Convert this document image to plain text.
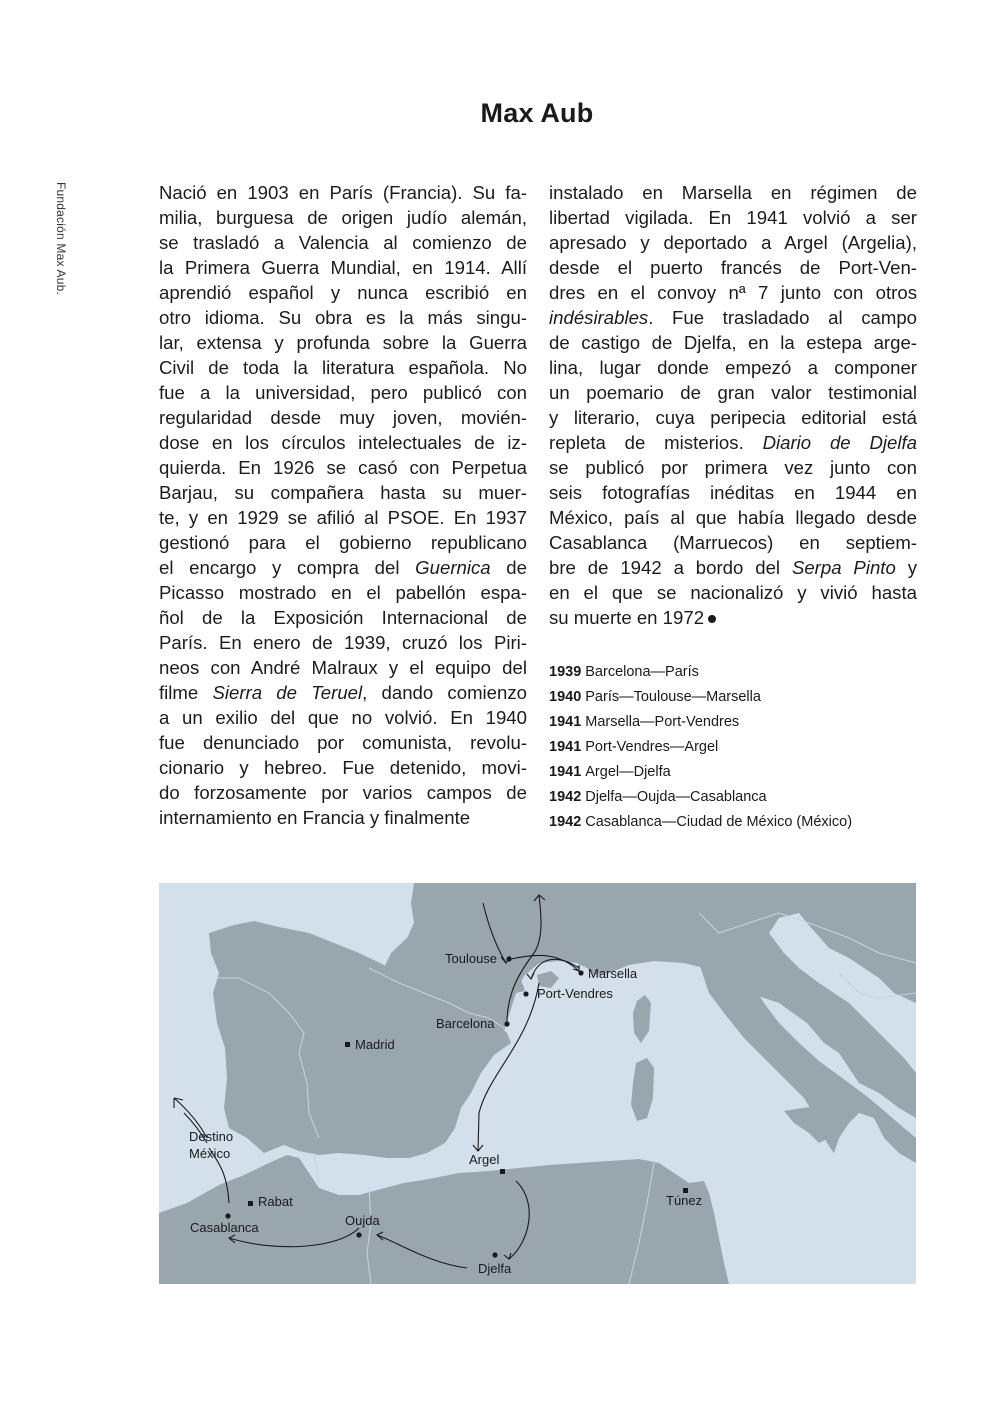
Max Aub
Fundación Max Aub.	Nació en 1903 en París (Francia). Su fa-
milia, burguesa de origen judío alemán,
se trasladó a Valencia al comienzo de
la Primera Guerra Mundial, en 1914. Allí
aprendió español y nunca escribió en
otro idioma. Su obra es la más singu-
lar, extensa y profunda sobre la Guerra
Civil de toda la literatura española. No
fue a la universidad, pero publicó con
regularidad desde muy joven, movién-
dose en los círculos intelectuales de iz-
quierda. En 1926 se casó con Perpetua
Barjau, su compañera hasta su muer-
te, y en 1929 se afilió al PSOE. En 1937
gestionó para el gobierno republicano
el encargo y compra del Guernica de
Picasso mostrado en el pabellón espa-
ñol de la Exposición Internacional de
París. En enero de 1939, cruzó los Piri-
neos con André Malraux y el equipo del
filme Sierra de Teruel, dando comienzo
a un exilio del que no volvió. En 1940
fue denunciado por comunista, revolu-
cionario y hebreo. Fue detenido, movi-
do forzosamente por varios campos de
internamiento en Francia y finalmente
instalado en Marsella en régimen de
libertad vigilada. En 1941 volvió a ser
apresado y deportado a Argel (Argelia),
desde el puerto francés de Port-Ven-
dres en el convoy nª 7 junto con otros
indésirables. Fue trasladado al campo
de castigo de Djelfa, en la estepa arge-
lina, lugar donde empezó a componer
un poemario de gran valor testimonial
y literario, cuya peripecia editorial está
repleta de misterios. Diario de Djelfa
se publicó por primera vez junto con
seis fotografías inéditas en 1944 en
México, país al que había llegado desde
Casablanca (Marruecos) en septiem-
bre de 1942 a bordo del Serpa Pinto y
en el que se nacionalizó y vivió hasta
su muerte en 1972
1939 Barcelona—París
1940 París—Toulouse—Marsella
1941 Marsella—Port-Vendres
1941 Port-Vendres—Argel
1941 Argel—Djelfa
1942 Djelfa—Oujda—Casablanca
1942 Casablanca—Ciudad de México (México)
Toulouse
Marsella
Port-Vendres
Barcelona
Madrid
Argel
Túnez
Rabat
Casablanca	Oujda
Djelfa
Destino
México
